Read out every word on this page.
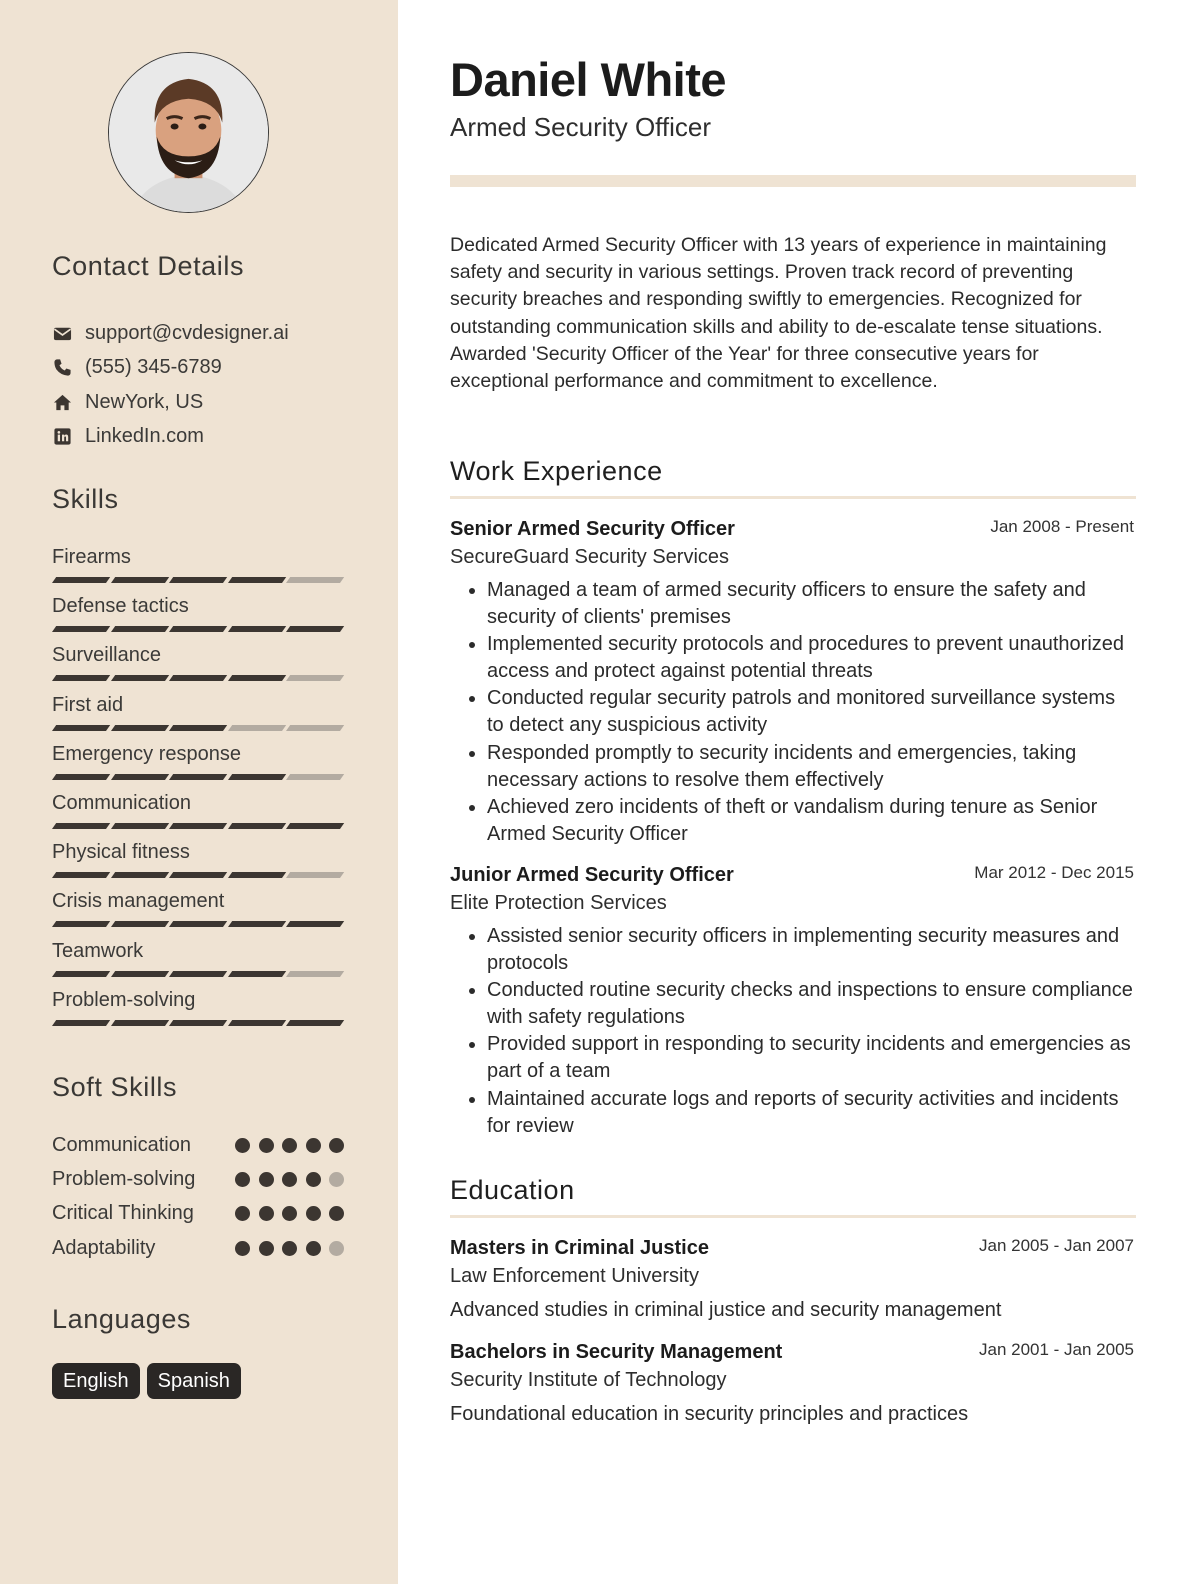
Contact Details
support@cvdesigner.ai
(555) 345-6789
NewYork, US
LinkedIn.com
Skills
Firearms
Defense tactics
Surveillance
First aid
Emergency response
Communication
Physical fitness
Crisis management
Teamwork
Problem-solving
Soft Skills
Communication
Problem-solving
Critical Thinking
Adaptability
Languages
English	Spanish
Daniel White
Armed Security Officer

Dedicated Armed Security Officer with 13 years of experience in maintaining safety and security in various settings. Proven track record of preventing security breaches and responding swiftly to emergencies. Recognized for outstanding communication skills and ability to de-escalate tense situations. Awarded 'Security Officer of the Year' for three consecutive years for exceptional performance and commitment to excellence.

Work Experience
Senior Armed Security Officer	Jan 2008 - Present
SecureGuard Security Services
• Managed a team of armed security officers to ensure the safety and security of clients' premises
• Implemented security protocols and procedures to prevent unauthorized access and protect against potential threats
• Conducted regular security patrols and monitored surveillance systems to detect any suspicious activity
• Responded promptly to security incidents and emergencies, taking necessary actions to resolve them effectively
• Achieved zero incidents of theft or vandalism during tenure as Senior Armed Security Officer
Junior Armed Security Officer	Mar 2012 - Dec 2015
Elite Protection Services
• Assisted senior security officers in implementing security measures and protocols
• Conducted routine security checks and inspections to ensure compliance with safety regulations
• Provided support in responding to security incidents and emergencies as part of a team
• Maintained accurate logs and reports of security activities and incidents for review
Education
Masters in Criminal Justice	Jan 2005 - Jan 2007
Law Enforcement University
Advanced studies in criminal justice and security management
Bachelors in Security Management	Jan 2001 - Jan 2005
Security Institute of Technology
Foundational education in security principles and practices
